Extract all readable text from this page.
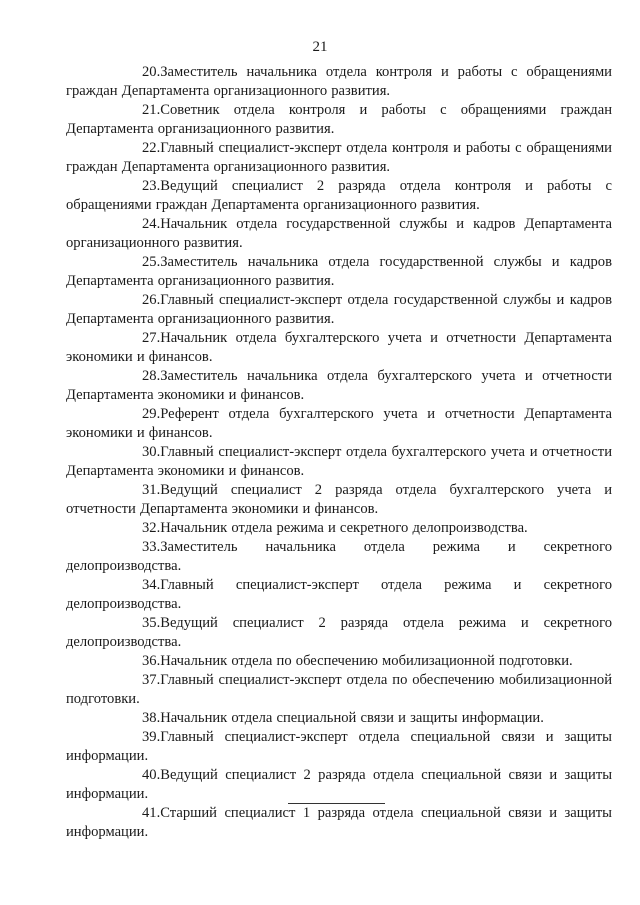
21

20.Заместитель начальника отдела контроля и работы с обращениями граждан Департамента организационного развития.

21.Советник отдела контроля и работы с обращениями граждан Департамента организационного развития.

22.Главный специалист-эксперт отдела контроля и работы с обращениями граждан Департамента организационного развития.

23.Ведущий специалист 2 разряда отдела контроля и работы с обращениями граждан Департамента организационного развития.

24.Начальник отдела государственной службы и кадров Департамента организационного развития.

25.Заместитель начальника отдела государственной службы и кадров Департамента организационного развития.

26.Главный специалист-эксперт отдела государственной службы и кадров Департамента организационного развития.

27.Начальник отдела бухгалтерского учета и отчетности Департамента экономики и финансов.

28.Заместитель начальника отдела бухгалтерского учета и отчетности Департамента экономики и финансов.

29.Референт отдела бухгалтерского учета и отчетности Департамента экономики и финансов.

30.Главный специалист-эксперт отдела бухгалтерского учета и отчетности Департамента экономики и финансов.

31.Ведущий специалист 2 разряда отдела бухгалтерского учета и отчетности Департамента экономики и финансов.

32.Начальник отдела режима и секретного делопроизводства.

33.Заместитель начальника отдела режима и секретного делопроизводства.

34.Главный специалист-эксперт отдела режима и секретного делопроизводства.

35.Ведущий специалист 2 разряда отдела режима и секретного делопроизводства.

36.Начальник отдела по обеспечению мобилизационной подготовки.

37.Главный специалист-эксперт отдела по обеспечению мобилизационной подготовки.

38.Начальник отдела специальной связи и защиты информации.

39.Главный специалист-эксперт отдела специальной связи и защиты информации.

40.Ведущий специалист 2 разряда отдела специальной связи и защиты информации.

41.Старший специалист 1 разряда отдела специальной связи и защиты информации.
